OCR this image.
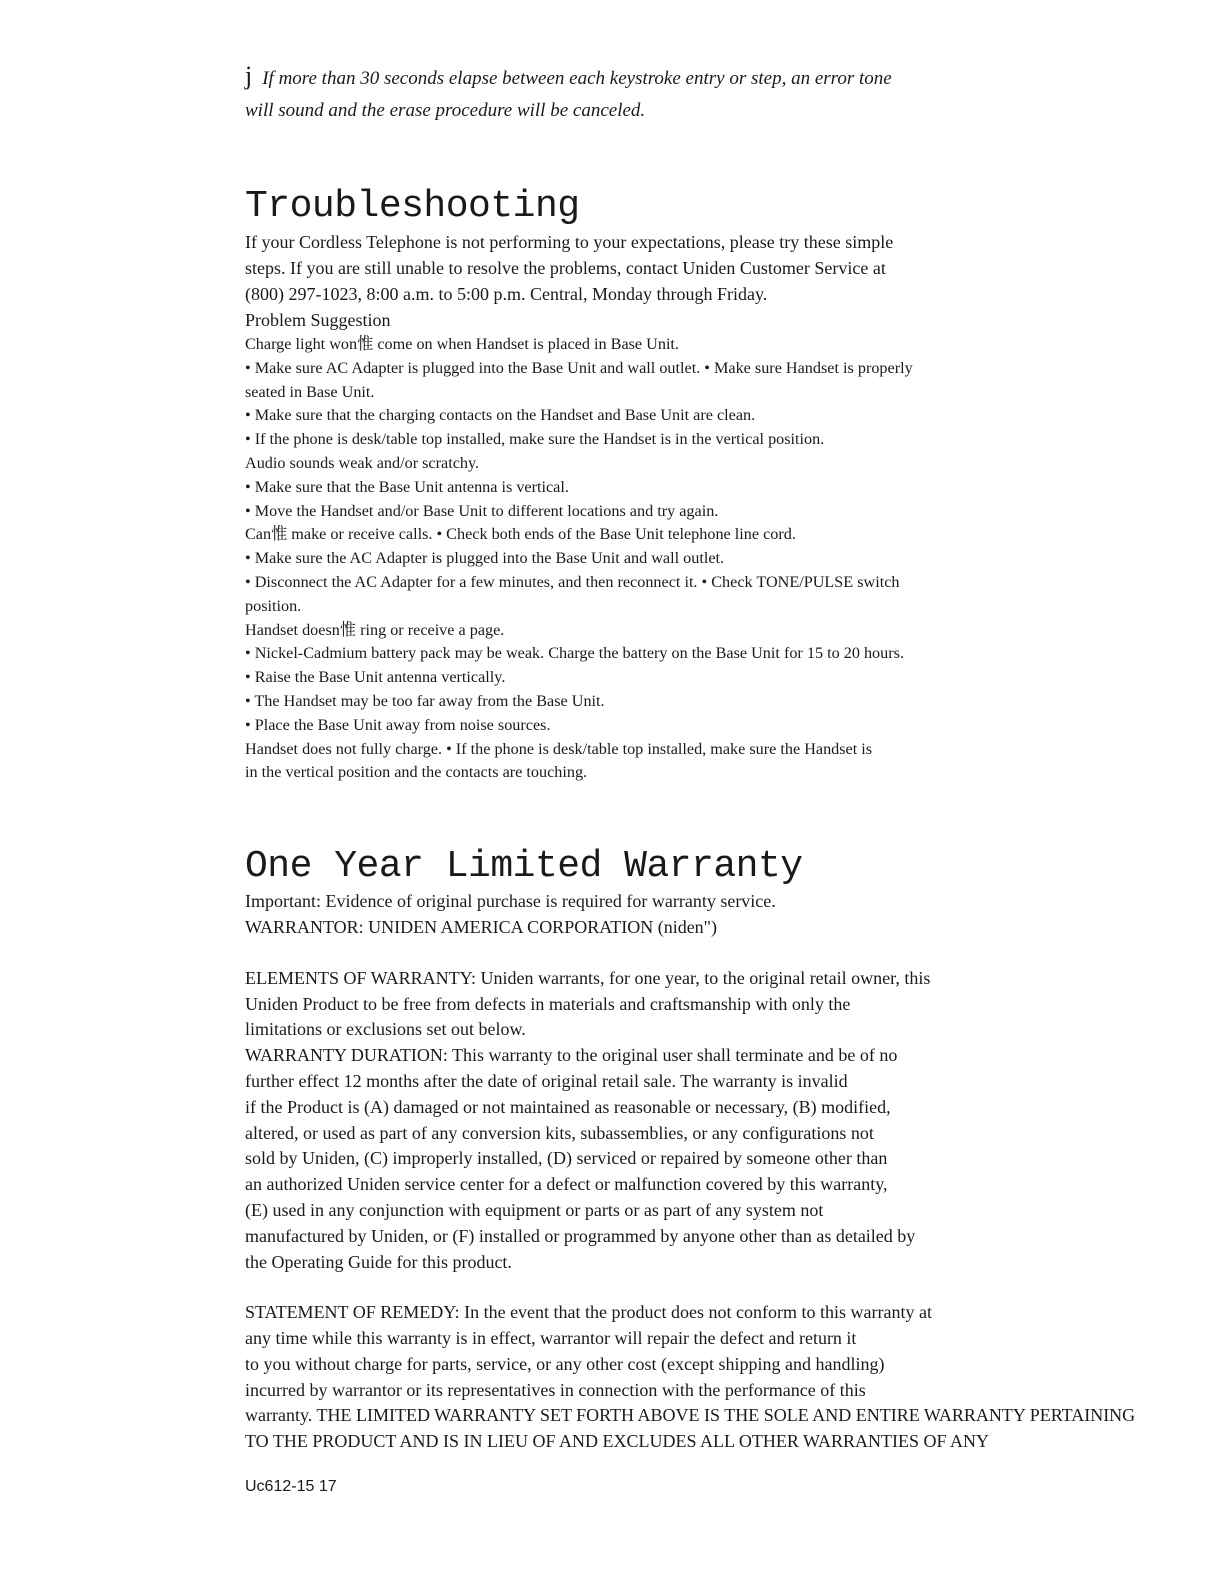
j If more than 30 seconds elapse between each keystroke entry or step, an error tone
will sound and the erase procedure will be canceled.

Troubleshooting

If your Cordless Telephone is not performing to your expectations, please try these simple

steps. If you are still unable to resolve the problems, contact Uniden Customer Service at

(800) 297-1023, 8:00 a.m. to 5:00 p.m. Central, Monday through Friday.

Problem Suggestion

Charge light won惟 come on when Handset is placed in Base Unit.

• Make sure AC Adapter is plugged into the Base Unit and wall outlet. • Make sure Handset is properly

seated in Base Unit.

• Make sure that the charging contacts on the Handset and Base Unit are clean.

• If the phone is desk/table top installed, make sure the Handset is in the vertical position.

Audio sounds weak and/or scratchy.

• Make sure that the Base Unit antenna is vertical.

• Move the Handset and/or Base Unit to different locations and try again.

Can惟 make or receive calls. • Check both ends of the Base Unit telephone line cord.

• Make sure the AC Adapter is plugged into the Base Unit and wall outlet.

• Disconnect the AC Adapter for a few minutes, and then reconnect it. • Check TONE/PULSE switch

position.

Handset doesn惟 ring or receive a page.

• Nickel-Cadmium battery pack may be weak. Charge the battery on the Base Unit for 15 to 20 hours.

• Raise the Base Unit antenna vertically.

• The Handset may be too far away from the Base Unit.

• Place the Base Unit away from noise sources.

Handset does not fully charge. • If the phone is desk/table top installed, make sure the Handset is

in the vertical position and the contacts are touching.

One Year Limited Warranty

Important: Evidence of original purchase is required for warranty service.

WARRANTOR: UNIDEN AMERICA CORPORATION (niden")

ELEMENTS OF WARRANTY: Uniden warrants, for one year, to the original retail owner, this

Uniden Product to be free from defects in materials and craftsmanship with only the

limitations or exclusions set out below.

WARRANTY DURATION: This warranty to the original user shall terminate and be of no

further effect 12 months after the date of original retail sale. The warranty is invalid

if the Product is (A) damaged or not maintained as reasonable or necessary, (B) modified,

altered, or used as part of any conversion kits, subassemblies, or any configurations not

sold by Uniden, (C) improperly installed, (D) serviced or repaired by someone other than

an authorized Uniden service center for a defect or malfunction covered by this warranty,

(E) used in any conjunction with equipment or parts or as part of any system not

manufactured by Uniden, or (F) installed or programmed by anyone other than as detailed by

the Operating Guide for this product.

STATEMENT OF REMEDY: In the event that the product does not conform to this warranty at

any time while this warranty is in effect, warrantor will repair the defect and return it

to you without charge for parts, service, or any other cost (except shipping and handling)

incurred by warrantor or its representatives in connection with the performance of this

warranty. THE LIMITED WARRANTY SET FORTH ABOVE IS THE SOLE AND ENTIRE WARRANTY PERTAINING

TO THE PRODUCT AND IS IN LIEU OF AND EXCLUDES ALL OTHER WARRANTIES OF ANY

Uc612-15 17
